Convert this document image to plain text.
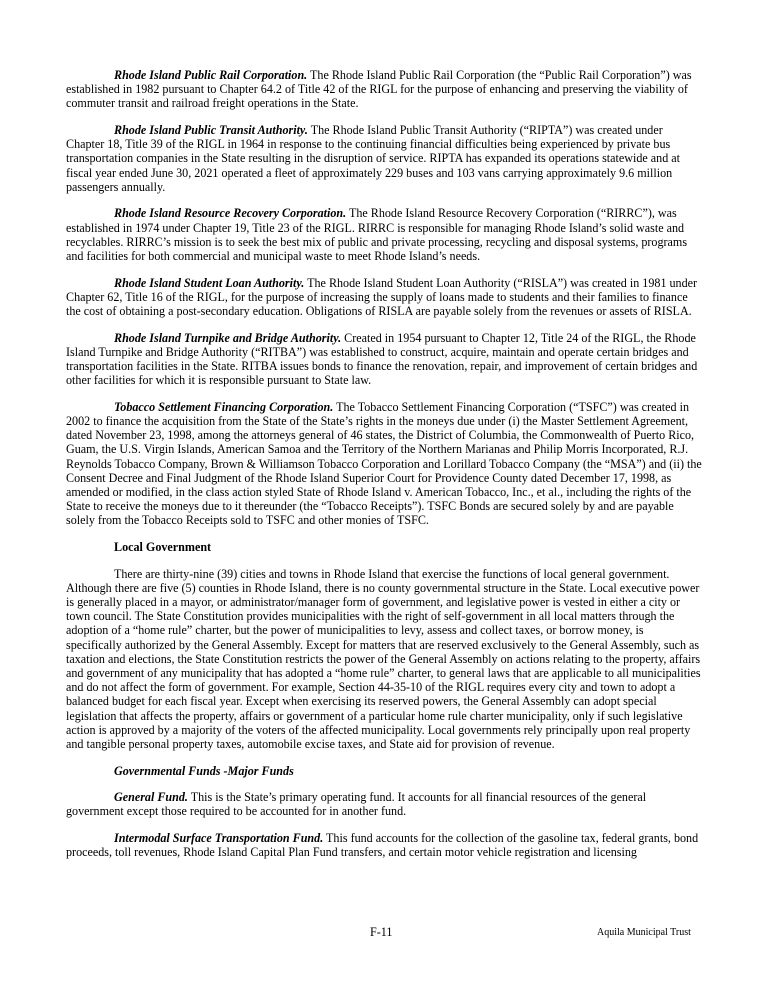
Rhode Island Public Rail Corporation. The Rhode Island Public Rail Corporation (the “Public Rail Corporation”) was established in 1982 pursuant to Chapter 64.2 of Title 42 of the RIGL for the purpose of enhancing and preserving the viability of commuter transit and railroad freight operations in the State.

Rhode Island Public Transit Authority. The Rhode Island Public Transit Authority (“RIPTA”) was created under Chapter 18, Title 39 of the RIGL in 1964 in response to the continuing financial difficulties being experienced by private bus transportation companies in the State resulting in the disruption of service. RIPTA has expanded its operations statewide and at fiscal year ended June 30, 2021 operated a fleet of approximately 229 buses and 103 vans carrying approximately 9.6 million passengers annually.

Rhode Island Resource Recovery Corporation. The Rhode Island Resource Recovery Corporation (“RIRRC”), was established in 1974 under Chapter 19, Title 23 of the RIGL. RIRRC is responsible for managing Rhode Island’s solid waste and recyclables. RIRRC’s mission is to seek the best mix of public and private processing, recycling and disposal systems, programs and facilities for both commercial and municipal waste to meet Rhode Island’s needs.

Rhode Island Student Loan Authority. The Rhode Island Student Loan Authority (“RISLA”) was created in 1981 under Chapter 62, Title 16 of the RIGL, for the purpose of increasing the supply of loans made to students and their families to finance the cost of obtaining a post-secondary education. Obligations of RISLA are payable solely from the revenues or assets of RISLA.

Rhode Island Turnpike and Bridge Authority. Created in 1954 pursuant to Chapter 12, Title 24 of the RIGL, the Rhode Island Turnpike and Bridge Authority (“RITBA”) was established to construct, acquire, maintain and operate certain bridges and transportation facilities in the State. RITBA issues bonds to finance the renovation, repair, and improvement of certain bridges and other facilities for which it is responsible pursuant to State law.

Tobacco Settlement Financing Corporation. The Tobacco Settlement Financing Corporation (“TSFC”) was created in 2002 to finance the acquisition from the State of the State’s rights in the moneys due under (i) the Master Settlement Agreement, dated November 23, 1998, among the attorneys general of 46 states, the District of Columbia, the Commonwealth of Puerto Rico, Guam, the U.S. Virgin Islands, American Samoa and the Territory of the Northern Marianas and Philip Morris Incorporated, R.J. Reynolds Tobacco Company, Brown & Williamson Tobacco Corporation and Lorillard Tobacco Company (the “MSA”) and (ii) the Consent Decree and Final Judgment of the Rhode Island Superior Court for Providence County dated December 17, 1998, as amended or modified, in the class action styled State of Rhode Island v. American Tobacco, Inc., et al., including the rights of the State to receive the moneys due to it thereunder (the “Tobacco Receipts”). TSFC Bonds are secured solely by and are payable solely from the Tobacco Receipts sold to TSFC and other monies of TSFC.

Local Government

There are thirty-nine (39) cities and towns in Rhode Island that exercise the functions of local general government. Although there are five (5) counties in Rhode Island, there is no county governmental structure in the State. Local executive power is generally placed in a mayor, or administrator/manager form of government, and legislative power is vested in either a city or town council. The State Constitution provides municipalities with the right of self-government in all local matters through the adoption of a “home rule” charter, but the power of municipalities to levy, assess and collect taxes, or borrow money, is specifically authorized by the General Assembly. Except for matters that are reserved exclusively to the General Assembly, such as taxation and elections, the State Constitution restricts the power of the General Assembly on actions relating to the property, affairs and government of any municipality that has adopted a “home rule” charter, to general laws that are applicable to all municipalities and do not affect the form of government. For example, Section 44-35-10 of the RIGL requires every city and town to adopt a balanced budget for each fiscal year. Except when exercising its reserved powers, the General Assembly can adopt special legislation that affects the property, affairs or government of a particular home rule charter municipality, only if such legislative action is approved by a majority of the voters of the affected municipality. Local governments rely principally upon real property and tangible personal property taxes, automobile excise taxes, and State aid for provision of revenue.

Governmental Funds -Major Funds

General Fund. This is the State’s primary operating fund. It accounts for all financial resources of the general government except those required to be accounted for in another fund.

Intermodal Surface Transportation Fund. This fund accounts for the collection of the gasoline tax, federal grants, bond proceeds, toll revenues, Rhode Island Capital Plan Fund transfers, and certain motor vehicle registration and licensing

F-11	Aquila Municipal Trust
